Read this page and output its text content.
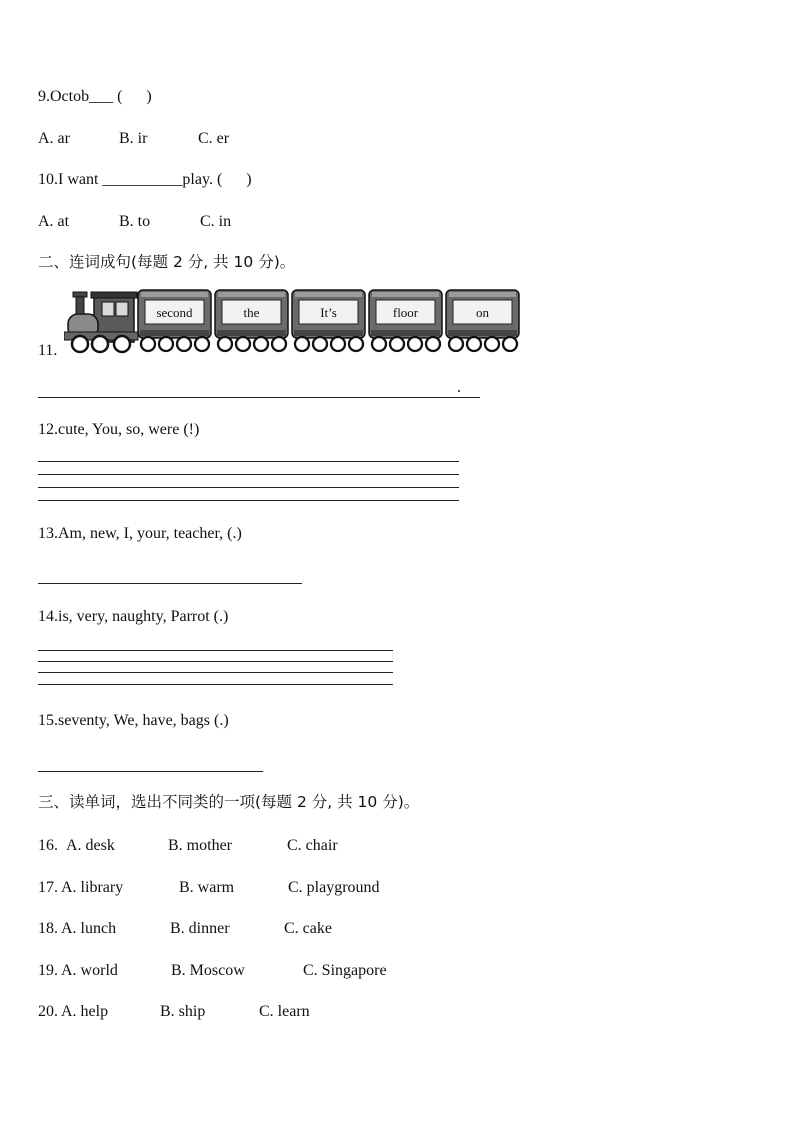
9.Octob___ (      )
A. ar	B. ir	C. er
10.I want __________play. (      )
A. at	B. to	C. in
二、连词成句(每题 2 分, 共 10 分)。
11.
second	the	It’s	floor	on
.
12.cute, You, so, were (!)
13.Am, new, I, your, teacher, (.)
14.is, very, naughty, Parrot (.)
15.seventy, We, have, bags (.)
三、读单词，选出不同类的一项(每题 2 分, 共 10 分)。
16. A. desk	B. mother	C. chair
17. A. library	B. warm	C. playground
18. A. lunch	B. dinner	C. cake
19. A. world	B. Moscow	C. Singapore
20. A. help	B. ship	C. learn
